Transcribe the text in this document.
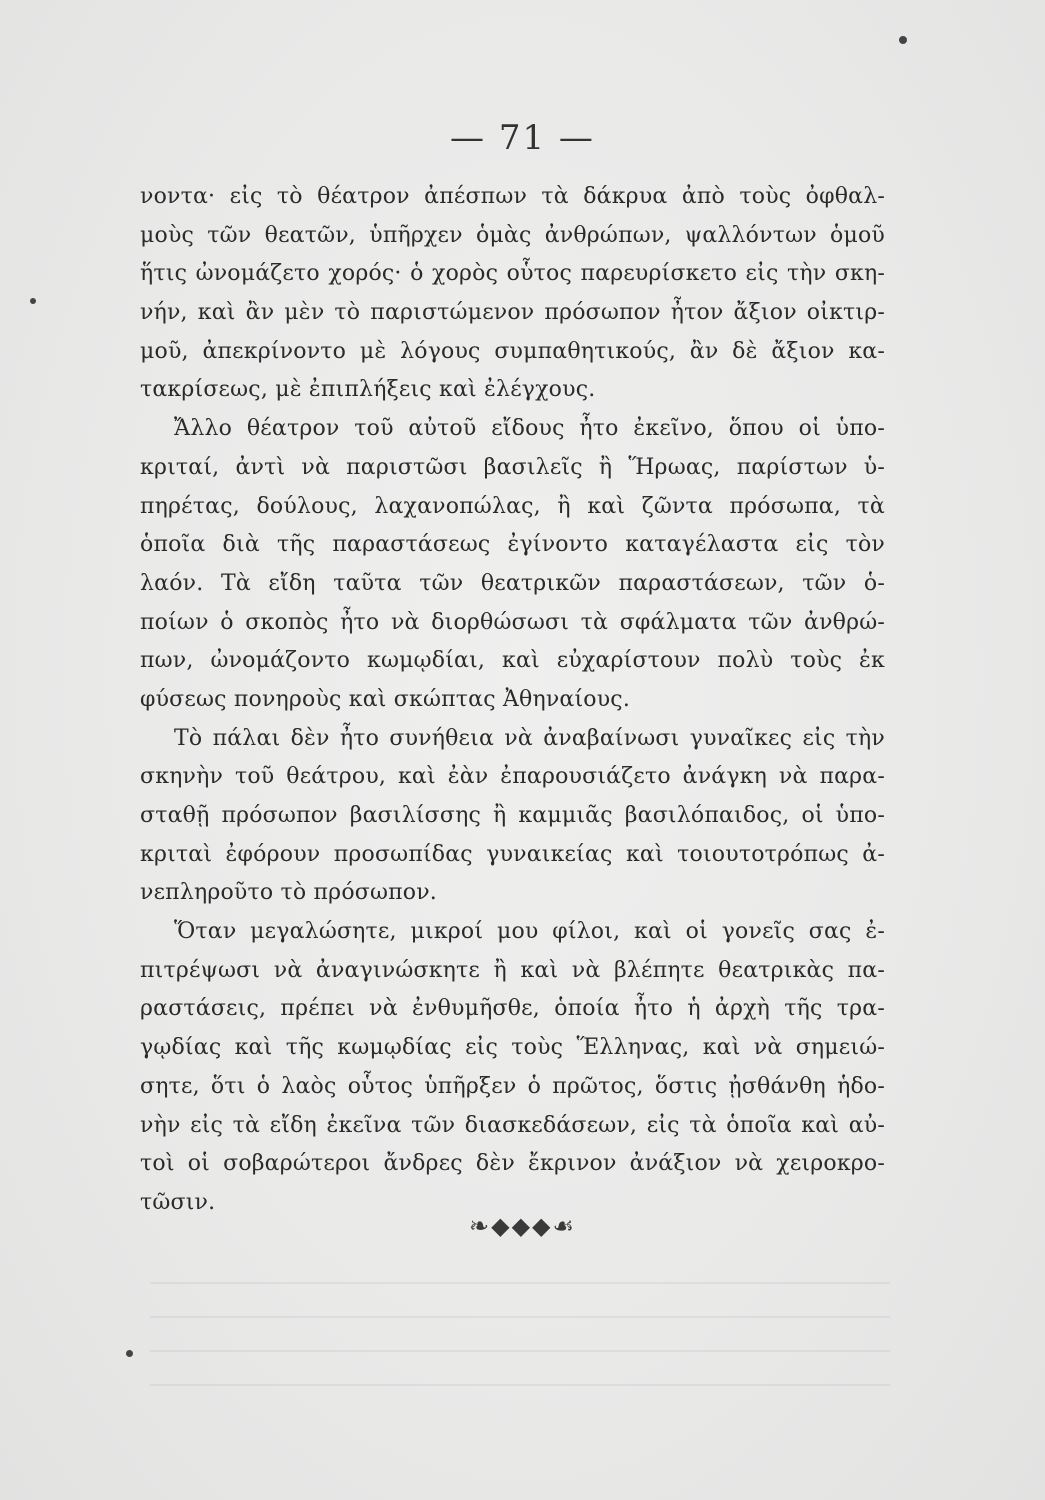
— 71 —
νοντα· εἰς τὸ θέατρον ἀπέσπων τὰ δάκρυα ἀπὸ τοὺς ὀφθαλ-
μοὺς τῶν θεατῶν, ὑπῆρχεν ὁμὰς ἀνθρώπων, ψαλλόντων ὁμοῦ
ἥτις ὠνομάζετο χορός· ὁ χορὸς οὗτος παρευρίσκετο εἰς τὴν σκη-
νήν, καὶ ἂν μὲν τὸ παριστώμενον πρόσωπον ἦτον ἄξιον οἰκτιρ-
μοῦ, ἀπεκρίνοντο μὲ λόγους συμπαθητικούς, ἂν δὲ ἄξιον κα-
τακρίσεως, μὲ ἐπιπλήξεις καὶ ἐλέγχους.
Ἄλλο θέατρον τοῦ αὐτοῦ εἴδους ἦτο ἐκεῖνο, ὅπου οἱ ὑπο-
κριταί, ἀντὶ νὰ παριστῶσι βασιλεῖς ἢ Ἥρωας, παρίστων ὑ-
πηρέτας, δούλους, λαχανοπώλας, ἢ καὶ ζῶντα πρόσωπα, τὰ
ὁποῖα διὰ τῆς παραστάσεως ἐγίνοντο καταγέλαστα εἰς τὸν
λαόν. Τὰ εἴδη ταῦτα τῶν θεατρικῶν παραστάσεων, τῶν ὁ-
ποίων ὁ σκοπὸς ἦτο νὰ διορθώσωσι τὰ σφάλματα τῶν ἀνθρώ-
πων, ὠνομάζοντο κωμῳδίαι, καὶ εὐχαρίστουν πολὺ τοὺς ἐκ
φύσεως πονηροὺς καὶ σκώπτας Ἀθηναίους.
Τὸ πάλαι δὲν ἦτο συνήθεια νὰ ἀναβαίνωσι γυναῖκες εἰς τὴν
σκηνὴν τοῦ θεάτρου, καὶ ἐὰν ἐπαρουσιάζετο ἀνάγκη νὰ παρα-
σταθῇ πρόσωπον βασιλίσσης ἢ καμμιᾶς βασιλόπαιδος, οἱ ὑπο-
κριταὶ ἐφόρουν προσωπίδας γυναικείας καὶ τοιουτοτρόπως ἀ-
νεπληροῦτο τὸ πρόσωπον.
Ὅταν μεγαλώσητε, μικροί μου φίλοι, καὶ οἱ γονεῖς σας ἐ-
πιτρέψωσι νὰ ἀναγινώσκητε ἢ καὶ νὰ βλέπητε θεατρικὰς πα-
ραστάσεις, πρέπει νὰ ἐνθυμῆσθε, ὁποία ἦτο ἡ ἀρχὴ τῆς τρα-
γῳδίας καὶ τῆς κωμῳδίας εἰς τοὺς Ἕλληνας, καὶ νὰ σημειώ-
σητε, ὅτι ὁ λαὸς οὗτος ὑπῆρξεν ὁ πρῶτος, ὅστις ᾐσθάνθη ἡδο-
νὴν εἰς τὰ εἴδη ἐκεῖνα τῶν διασκεδάσεων, εἰς τὰ ὁποῖα καὶ αὐ-
τοὶ οἱ σοβαρώτεροι ἄνδρες δὲν ἔκρινον ἀνάξιον νὰ χειροκρο-
τῶσιν.
❧◆◆◆☙
